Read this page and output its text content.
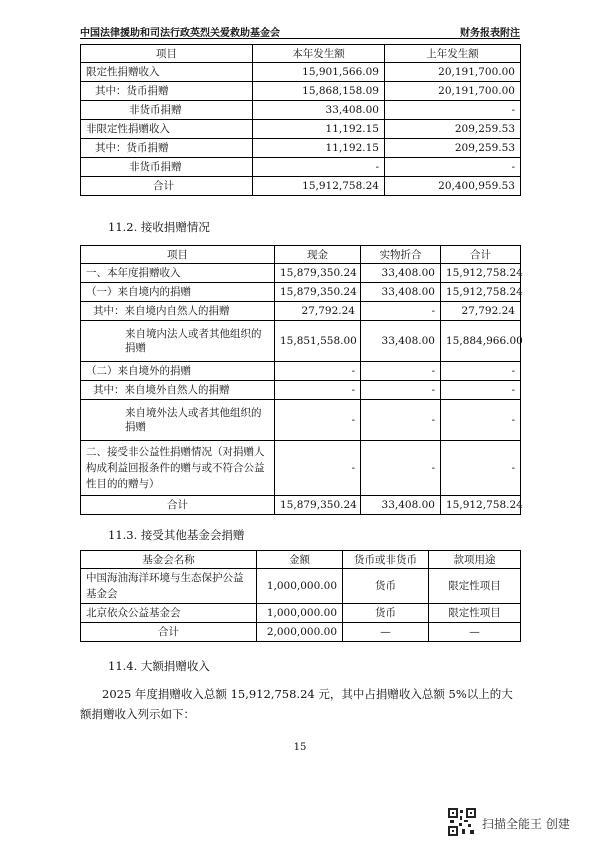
中国法律援助和司法行政英烈关爱救助基金会	财务报表附注
项目	本年发生额	上年发生额
限定性捐赠收入	15,901,566.09	20,191,700.00
其中：货币捐赠	15,868,158.09	20,191,700.00
非货币捐赠	33,408.00	-
非限定性捐赠收入	11,192.15	209,259.53
其中：货币捐赠	11,192.15	209,259.53
非货币捐赠	-	-
合计	15,912,758.24	20,400,959.53
11.2. 接收捐赠情况
项目	现金	实物折合	合计
一、本年度捐赠收入	15,879,350.24	33,408.00	15,912,758.24
（一）来自境内的捐赠	15,879,350.24	33,408.00	15,912,758.24
其中：来自境内自然人的捐赠	27,792.24	-	27,792.24
来自境内法人或者其他组织的捐赠	15,851,558.00	33,408.00	15,884,966.00
（二）来自境外的捐赠	-	-	-
其中：来自境外自然人的捐赠	-	-	-
来自境外法人或者其他组织的捐赠	-	-	-
二、接受非公益性捐赠情况（对捐赠人构成利益回报条件的赠与或不符合公益性目的的赠与）	-	-	-
合计	15,879,350.24	33,408.00	15,912,758.24
11.3. 接受其他基金会捐赠
基金会名称	金额	货币或非货币	款项用途
中国海油海洋环境与生态保护公益基金会	1,000,000.00	货币	限定性项目
北京依众公益基金会	1,000,000.00	货币	限定性项目
合计	2,000,000.00	—	—
11.4. 大额捐赠收入
2025 年度捐赠收入总额 15,912,758.24 元，其中占捐赠收入总额 5%以上的大额捐赠收入列示如下：
15
扫描全能王 创建
